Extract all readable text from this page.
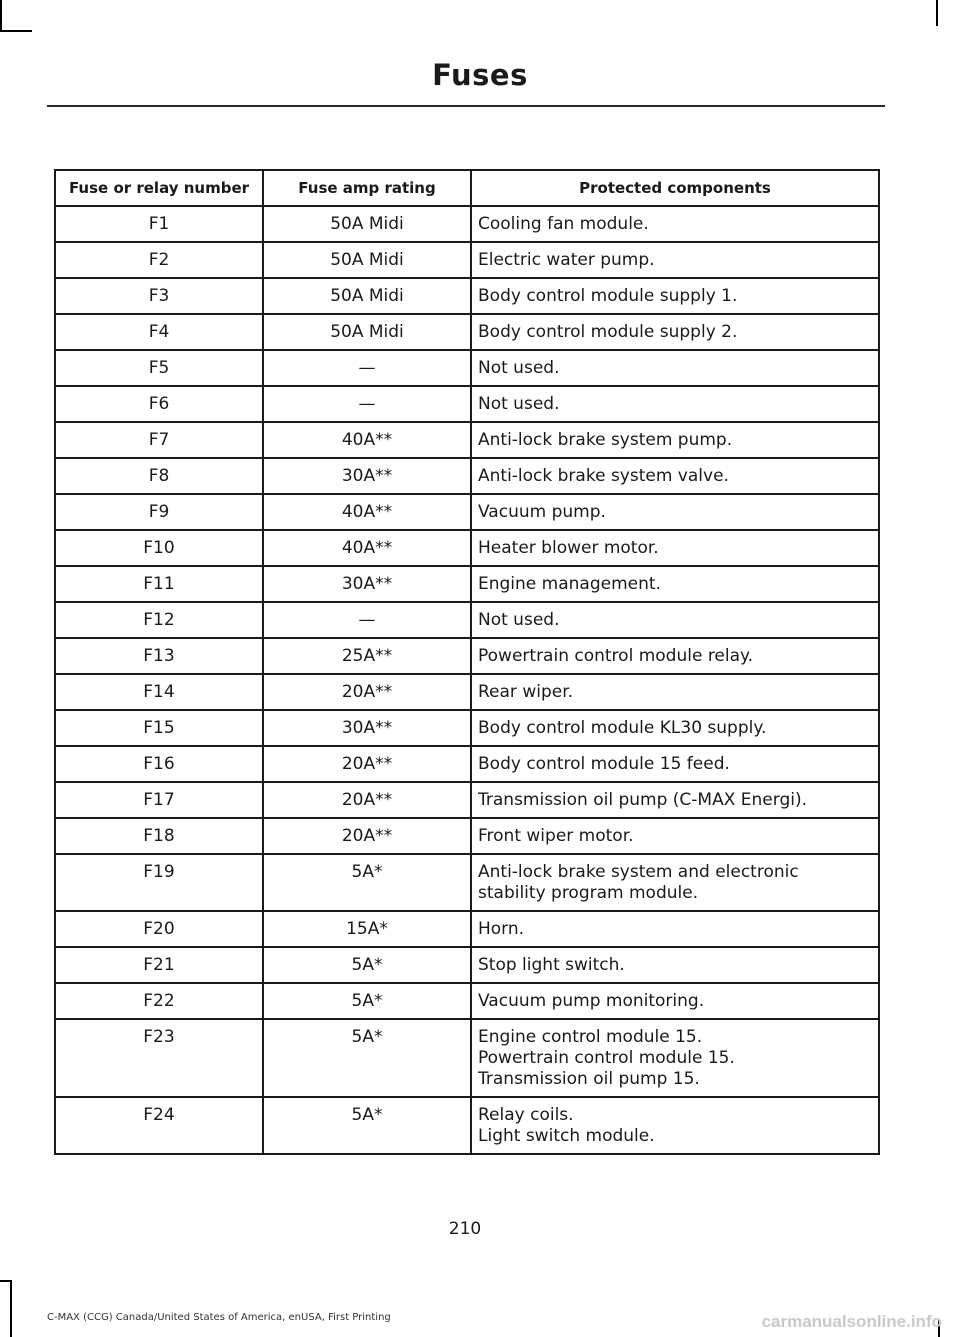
Fuses
Fuse or relay number	Fuse amp rating	Protected components
F1	50A Midi	Cooling fan module.

F2	50A Midi	Electric water pump.

F3	50A Midi	Body control module supply 1.

F4	50A Midi	Body control module supply 2.

F5	—	Not used.

F6	—	Not used.

F7	40A**	Anti-lock brake system pump.

F8	30A**	Anti-lock brake system valve.

F9	40A**	Vacuum pump.

F10	40A**	Heater blower motor.

F11	30A**	Engine management.

F12	—	Not used.

F13	25A**	Powertrain control module relay.

F14	20A**	Rear wiper.

F15	30A**	Body control module KL30 supply.

F16	20A**	Body control module 15 feed.

F17	20A**	Transmission oil pump (C-MAX Energi).

F18	20A**	Front wiper motor.

F19	5A*	Anti-lock brake system and electronic
stability program module.

F20	15A*	Horn.

F21	5A*	Stop light switch.

F22	5A*	Vacuum pump monitoring.

F23	5A*	Engine control module 15.
Powertrain control module 15.
Transmission oil pump 15.

F24	5A*	Relay coils.
Light switch module.
210
C-MAX (CCG) Canada/United States of America, enUSA, First Printing	carmanualsonline.info
